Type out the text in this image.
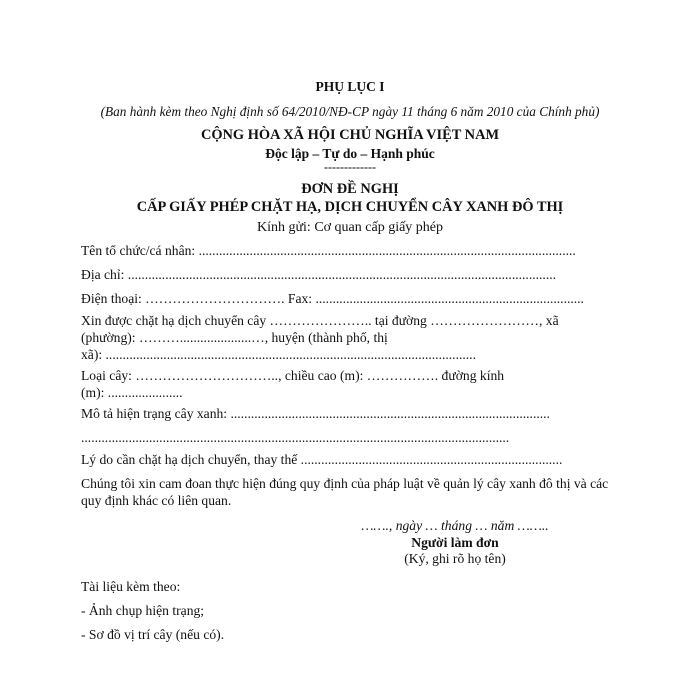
PHỤ LỤC I
(Ban hành kèm theo Nghị định số 64/2010/NĐ-CP ngày 11 tháng 6 năm 2010 của Chính phủ)
CỘNG HÒA XÃ HỘI CHỦ NGHĨA VIỆT NAM
Độc lập – Tự do – Hạnh phúc
-------------
ĐƠN ĐỀ NGHỊ
CẤP GIẤY PHÉP CHẶT HẠ, DỊCH CHUYỂN CÂY XANH ĐÔ THỊ
Kính gửi: Cơ quan cấp giấy phép
Tên tổ chức/cá nhân: ...............................................................................................................
Địa chỉ: ..............................................................................................................................
Điện thoại: …………………………. Fax: ...............................................................................
Xin được chặt hạ dịch chuyển cây ………………….. tại đường ……………………, xã
(phường): ……….....................…, huyện (thành phố, thị
xã): .............................................................................................................
Loại cây: ………………………….., chiều cao (m): ……………. đường kính
(m): ......................
Mô tả hiện trạng cây xanh: ..............................................................................................
..............................................................................................................................
Lý do cần chặt hạ dịch chuyển, thay thế .............................................................................
Chúng tôi xin cam đoan thực hiện đúng quy định của pháp luật về quản lý cây xanh đô thị và các
quy định khác có liên quan.
……., ngày … tháng … năm ……..
Người làm đơn
(Ký, ghi rõ họ tên)
Tài liệu kèm theo:
- Ảnh chụp hiện trạng;
- Sơ đồ vị trí cây (nếu có).
